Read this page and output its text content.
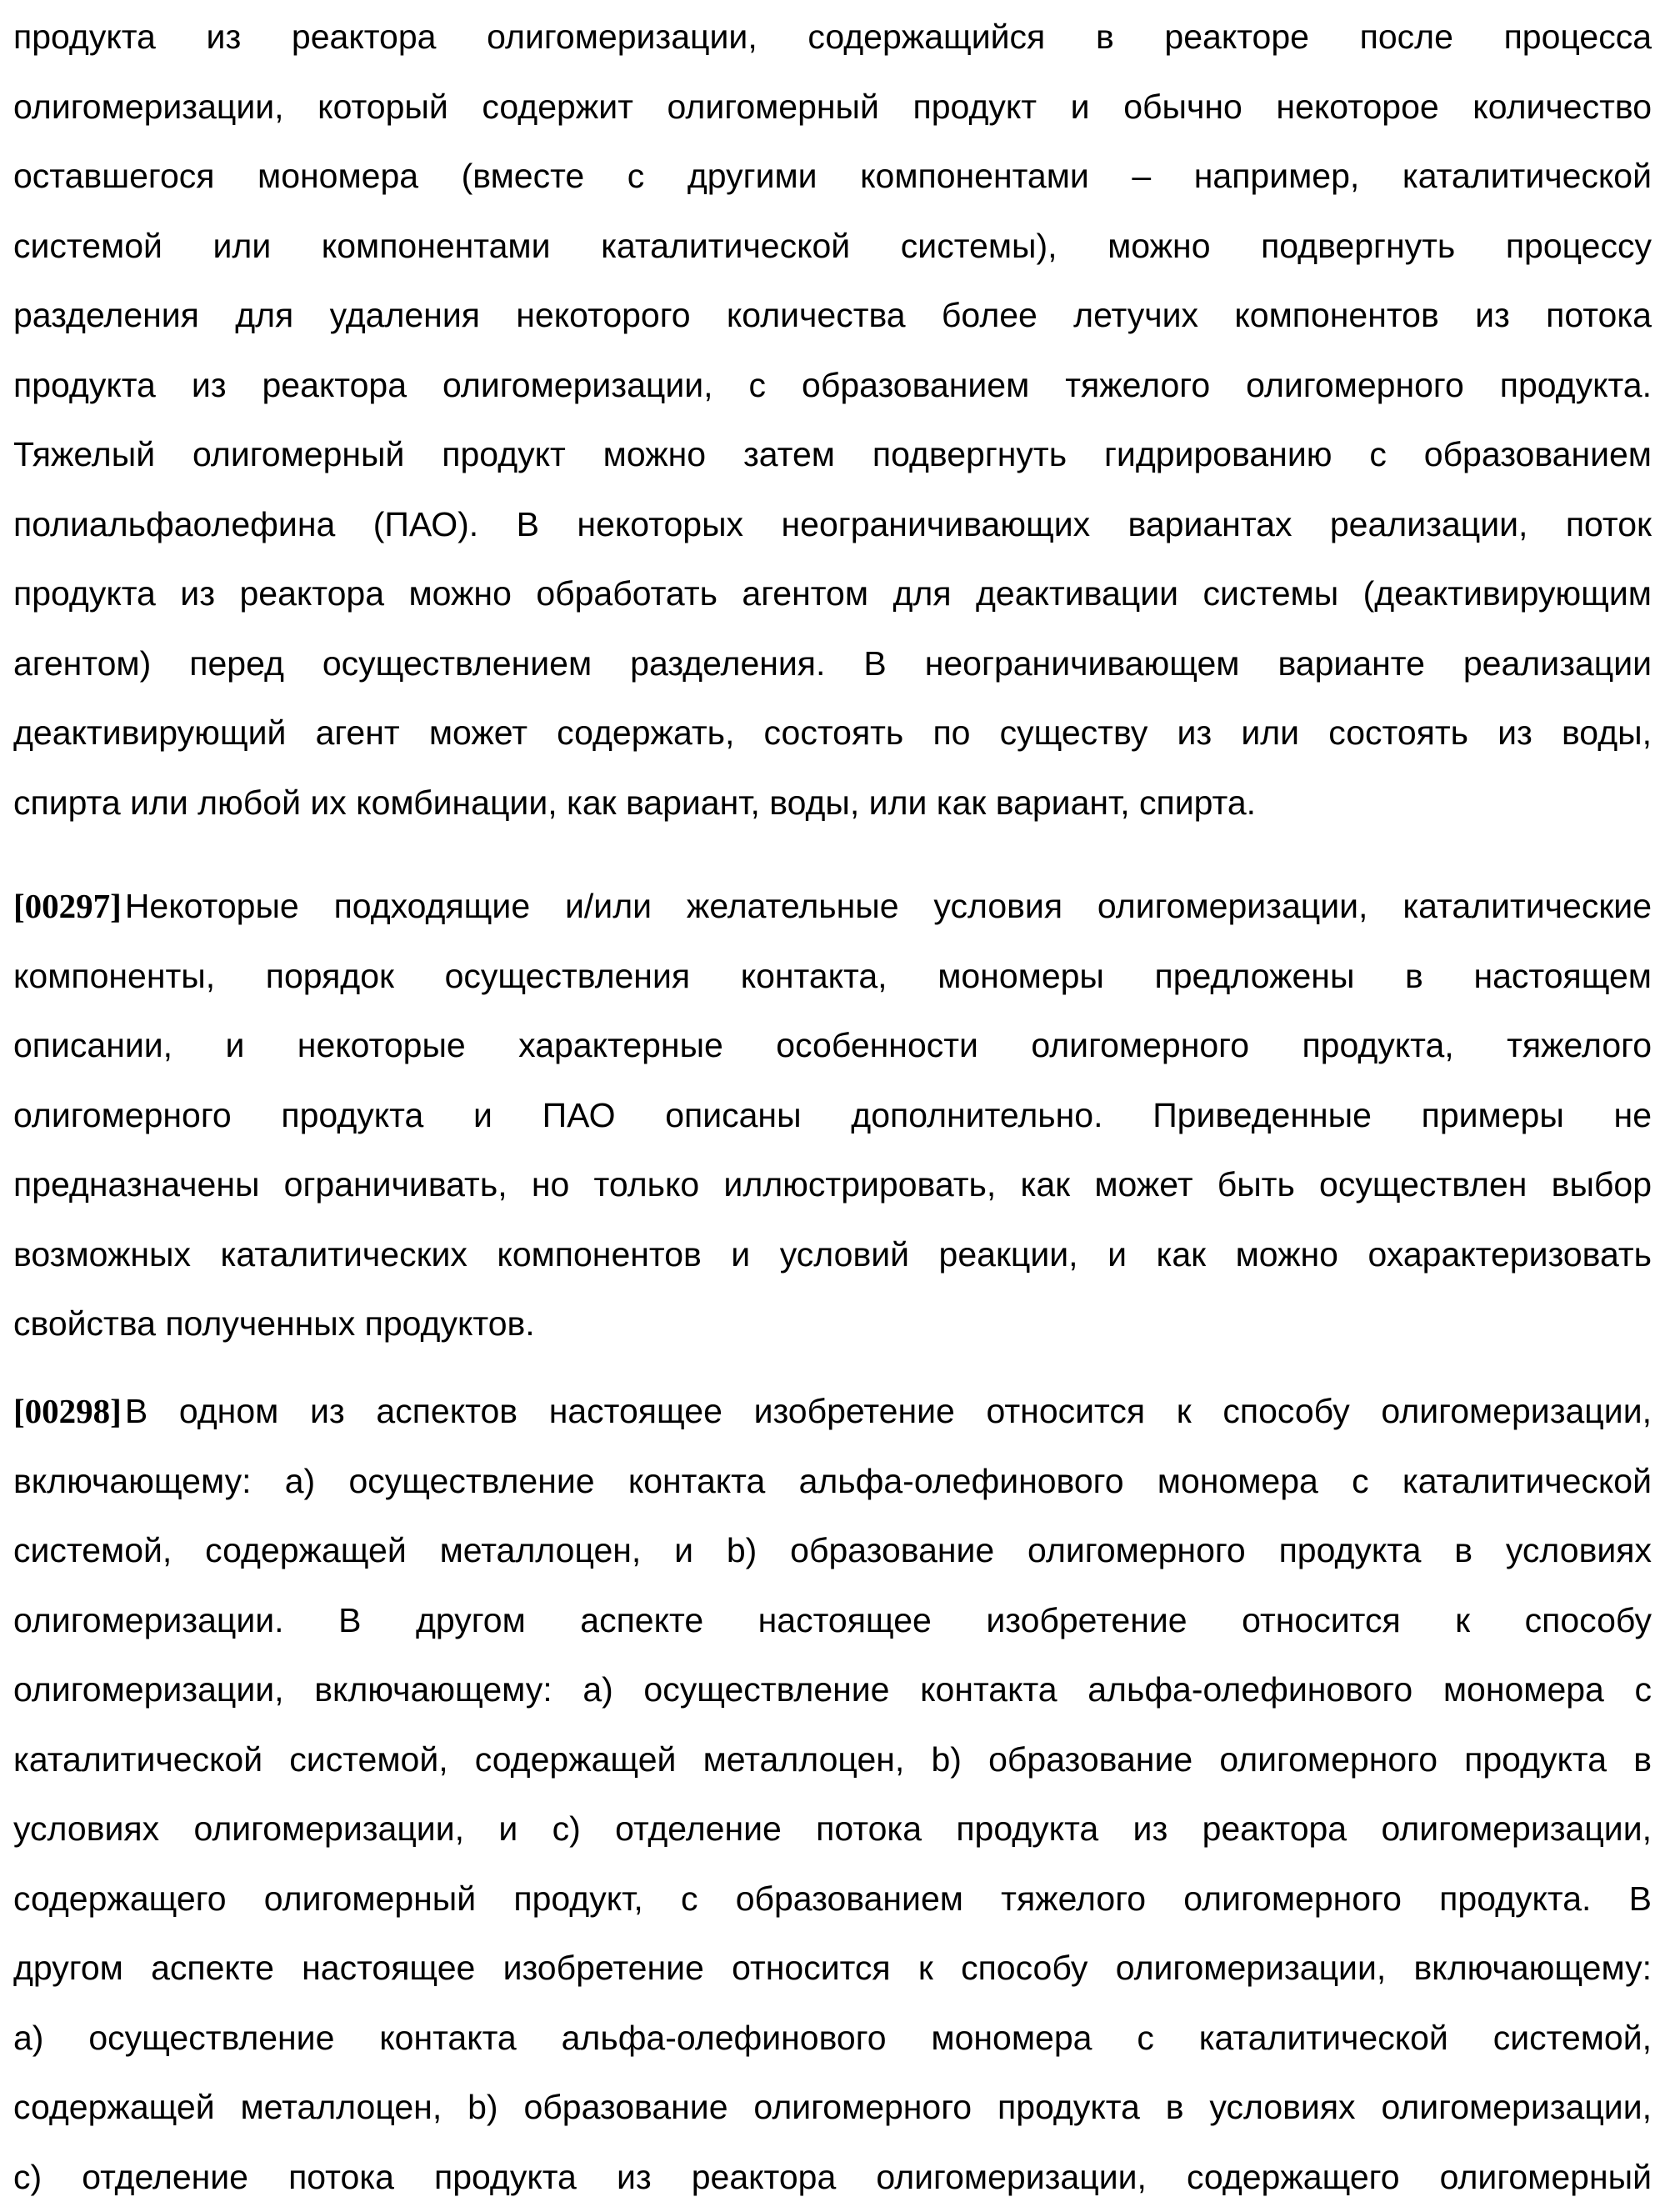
продукта из реактора олигомеризации, содержащийся в реакторе после процесса
олигомеризации, который содержит олигомерный продукт и обычно некоторое количество
оставшегося мономера (вместе с другими компонентами – например, каталитической
системой или компонентами каталитической системы), можно подвергнуть процессу
разделения для удаления некоторого количества более летучих компонентов из потока
продукта из реактора олигомеризации, с образованием тяжелого олигомерного продукта.
Тяжелый олигомерный продукт можно затем подвергнуть гидрированию с образованием
полиальфаолефина (ПАО). В некоторых неограничивающих вариантах реализации, поток
продукта из реактора можно обработать агентом для деактивации системы (деактивирующим
агентом) перед осуществлением разделения. В неограничивающем варианте реализации
деактивирующий агент может содержать, состоять по существу из или состоять из воды,
спирта или любой их комбинации, как вариант, воды, или как вариант, спирта.
[00297]Некоторые подходящие и/или желательные условия олигомеризации, каталитические
компоненты, порядок осуществления контакта, мономеры предложены в настоящем
описании, и некоторые характерные особенности олигомерного продукта, тяжелого
олигомерного продукта и ПАО описаны дополнительно. Приведенные примеры не
предназначены ограничивать, но только иллюстрировать, как может быть осуществлен выбор
возможных каталитических компонентов и условий реакции, и как можно охарактеризовать
свойства полученных продуктов.
[00298]В одном из аспектов настоящее изобретение относится к способу олигомеризации,
включающему: a) осуществление контакта альфа-олефинового мономера с каталитической
системой, содержащей металлоцен, и b) образование олигомерного продукта в условиях
олигомеризации. В другом аспекте настоящее изобретение относится к способу
олигомеризации, включающему: a) осуществление контакта альфа-олефинового мономера с
каталитической системой, содержащей металлоцен, b) образование олигомерного продукта в
условиях олигомеризации, и c) отделение потока продукта из реактора олигомеризации,
содержащего олигомерный продукт, с образованием тяжелого олигомерного продукта. В
другом аспекте настоящее изобретение относится к способу олигомеризации, включающему:
a) осуществление контакта альфа-олефинового мономера с каталитической системой,
содержащей металлоцен, b) образование олигомерного продукта в условиях олигомеризации,
c) отделение потока продукта из реактора олигомеризации, содержащего олигомерный
